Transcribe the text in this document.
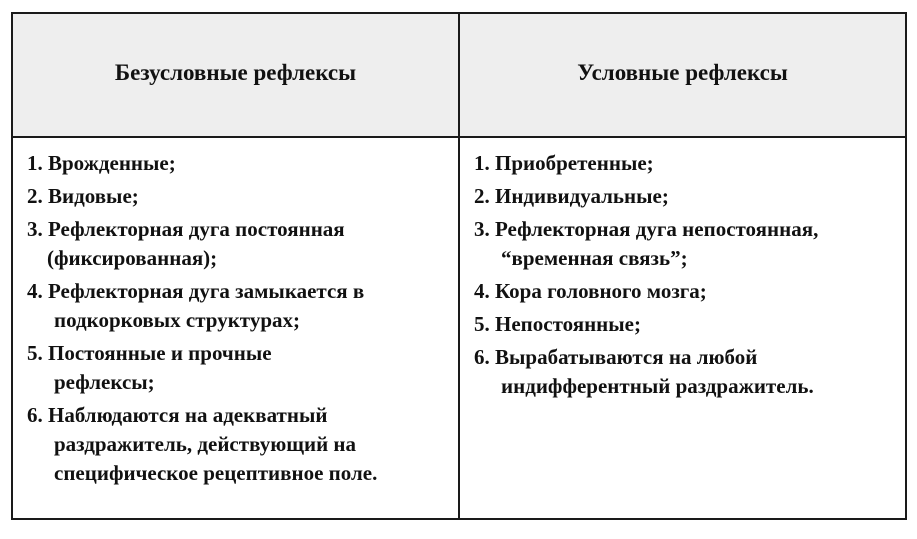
Безусловные рефлексы	Условные рефлексы
1. Врожденные;
2. Видовые;
3. Рефлекторная дуга постоянная
(фиксированная);
4. Рефлекторная дуга замыкается в
подкорковых структурах;
5. Постоянные и прочные
рефлексы;
6. Наблюдаются на адекватный
раздражитель, действующий на
специфическое рецептивное поле.
1. Приобретенные;
2. Индивидуальные;
3. Рефлекторная дуга непостоянная,
“временная связь”;
4. Кора головного мозга;
5. Непостоянные;
6. Вырабатываются на любой
индифферентный раздражитель.
